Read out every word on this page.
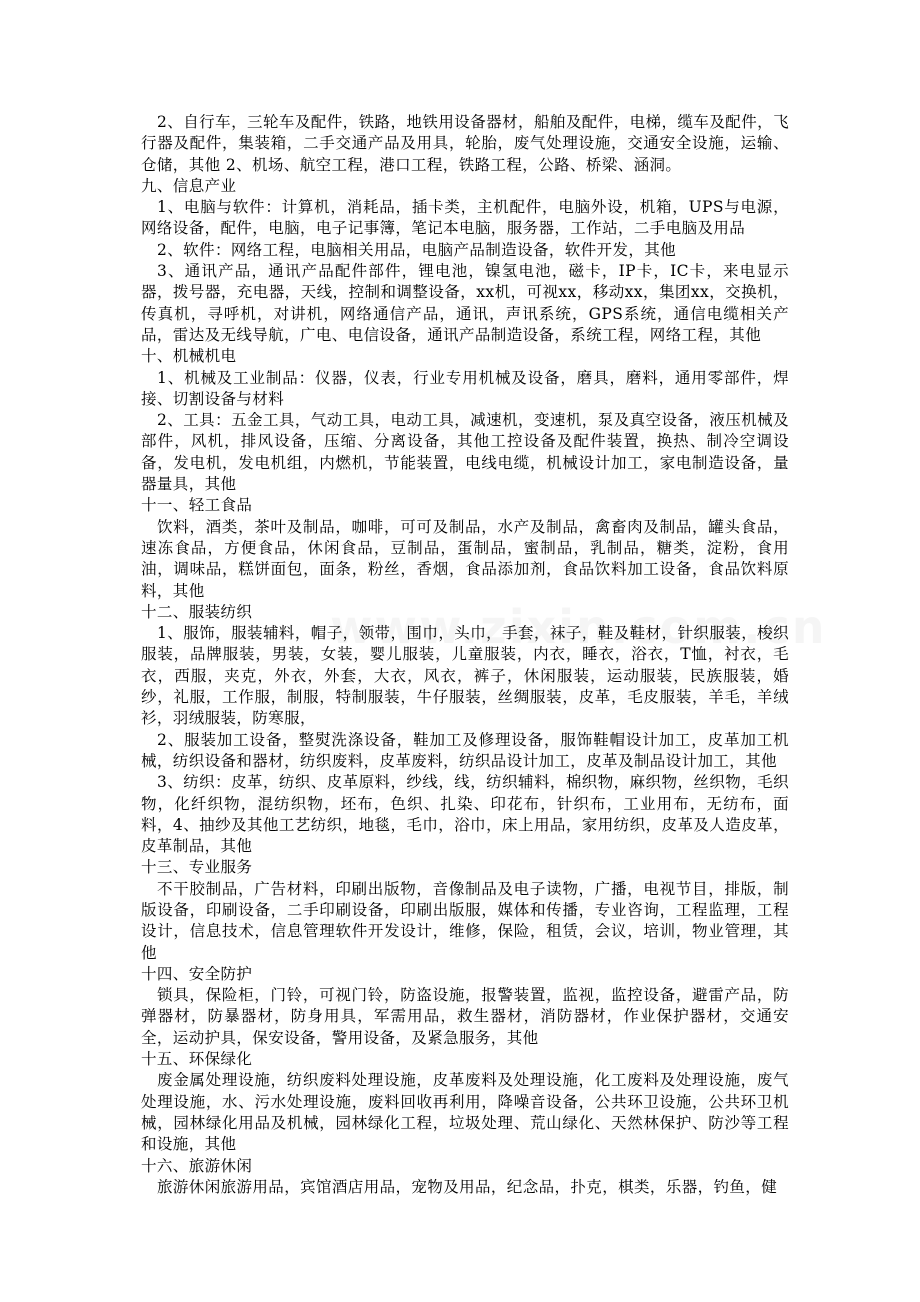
2、自行车，三轮车及配件，铁路，地铁用设备器材，船舶及配件，电梯，缆车及配件，飞行器及配件，集装箱，二手交通产品及用具，轮胎，废气处理设施，交通安全设施，运输、仓储，其他 2、机场、航空工程，港口工程，铁路工程，公路、桥梁、涵洞。

九、信息产业

1、电脑与软件：计算机，消耗品，插卡类，主机配件，电脑外设，机箱，UPS与电源，网络设备，配件，电脑，电子记事簿，笔记本电脑，服务器，工作站，二手电脑及用品

2、软件：网络工程，电脑相关用品，电脑产品制造设备，软件开发，其他

3、通讯产品，通讯产品配件部件，锂电池，镍氢电池，磁卡，IP卡，IC卡，来电显示器，拨号器，充电器，天线，控制和调整设备，xx机，可视xx，移动xx，集团xx，交换机，传真机，寻呼机，对讲机，网络通信产品，通讯，声讯系统，GPS系统，通信电缆相关产品，雷达及无线导航，广电、电信设备，通讯产品制造设备，系统工程，网络工程，其他

十、机械机电

1、机械及工业制品：仪器，仪表，行业专用机械及设备，磨具，磨料，通用零部件，焊接、切割设备与材料

2、工具：五金工具，气动工具，电动工具，减速机，变速机，泵及真空设备，液压机械及部件，风机，排风设备，压缩、分离设备，其他工控设备及配件装置，换热、制冷空调设备，发电机，发电机组，内燃机，节能装置，电线电缆，机械设计加工，家电制造设备，量器量具，其他

十一、轻工食品

饮料，酒类，茶叶及制品，咖啡，可可及制品，水产及制品，禽畜肉及制品，罐头食品，速冻食品，方便食品，休闲食品，豆制品，蛋制品，蜜制品，乳制品，糖类，淀粉，食用油，调味品，糕饼面包，面条，粉丝，香烟，食品添加剂，食品饮料加工设备，食品饮料原料，其他

十二、服装纺织

1、服饰，服装辅料，帽子，领带，围巾，头巾，手套，袜子，鞋及鞋材，针织服装，梭织服装，品牌服装，男装，女装，婴儿服装，儿童服装，内衣，睡衣，浴衣，T恤，衬衣，毛衣，西服，夹克，外衣，外套，大衣，风衣，裤子，休闲服装，运动服装，民族服装，婚纱，礼服，工作服，制服，特制服装，牛仔服装，丝绸服装，皮革，毛皮服装，羊毛，羊绒衫，羽绒服装，防寒服，

2、服装加工设备，整熨洗涤设备，鞋加工及修理设备，服饰鞋帽设计加工，皮革加工机械，纺织设备和器材，纺织废料，皮革废料，纺织品设计加工，皮革及制品设计加工，其他

3、纺织：皮革，纺织、皮革原料，纱线，线，纺织辅料，棉织物，麻织物，丝织物，毛织物，化纤织物，混纺织物，坯布，色织、扎染、印花布，针织布，工业用布，无纺布，面料，4、抽纱及其他工艺纺织，地毯，毛巾，浴巾，床上用品，家用纺织，皮革及人造皮革，皮革制品，其他

十三、专业服务

不干胶制品，广告材料，印刷出版物，音像制品及电子读物，广播，电视节目，排版，制版设备，印刷设备，二手印刷设备，印刷出版服，媒体和传播，专业咨询，工程监理，工程设计，信息技术，信息管理软件开发设计，维修，保险，租赁，会议，培训，物业管理，其他

十四、安全防护

锁具，保险柜，门铃，可视门铃，防盗设施，报警装置，监视，监控设备，避雷产品，防弹器材，防暴器材，防身用具，军需用品，救生器材，消防器材，作业保护器材，交通安全，运动护具，保安设备，警用设备，及紧急服务，其他

十五、环保绿化

废金属处理设施，纺织废料处理设施，皮革废料及处理设施，化工废料及处理设施，废气处理设施，水、污水处理设施，废料回收再利用，降噪音设备，公共环卫设施，公共环卫机械，园林绿化用品及机械，园林绿化工程，垃圾处理、荒山绿化、天然林保护、防沙等工程和设施，其他

十六、旅游休闲

旅游休闲旅游用品，宾馆酒店用品，宠物及用品，纪念品，扑克，棋类，乐器，钓鱼，健
